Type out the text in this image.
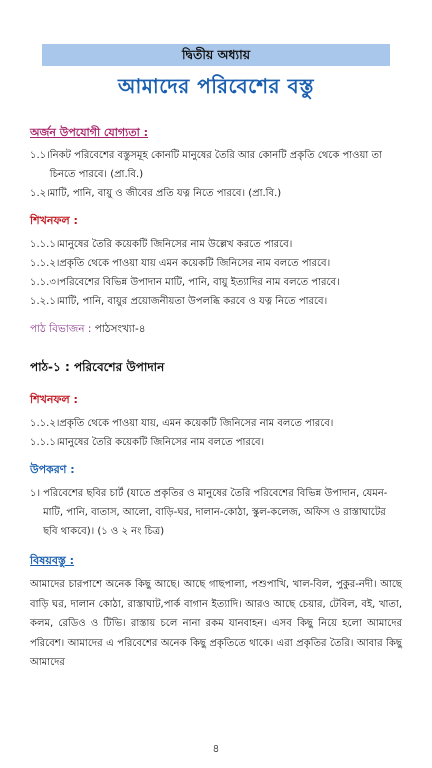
দ্বিতীয় অধ্যায়
আমাদের পরিবেশের বস্তু
অর্জন উপযোগী যোগ্যতা :
১.১। নিকট পরিবেশের বস্তুসমূহ কোনটি মানুষের তৈরি আর কোনটি প্রকৃতি থেকে পাওয়া তা চিনতে পারবে। (প্রা.বি.)
১.২। মাটি, পানি, বায়ু ও জীবের প্রতি যত্ন নিতে পারবে। (প্রা.বি.)
শিখনফল :
১.১.১। মানুষের তৈরি কয়েকটি জিনিসের নাম উল্লেখ করতে পারবে।
১.১.২। প্রকৃতি থেকে পাওয়া যায় এমন কয়েকটি জিনিসের নাম বলতে পারবে।
১.১.৩। পরিবেশের বিভিন্ন উপাদান মাটি, পানি, বায়ু ইত্যাদির নাম বলতে পারবে।
১.২.১। মাটি, পানি, বায়ুর প্রয়োজনীয়তা উপলব্ধি করবে ও যত্ন নিতে পারবে।
পাঠ বিভাজন : পাঠসংখ্যা-৪
পাঠ-১ : পরিবেশের উপাদান
শিখনফল :
১.১.২। প্রকৃতি থেকে পাওয়া যায়, এমন কয়েকটি জিনিসের নাম বলতে পারবে।
১.১.১। মানুষের তৈরি কয়েকটি জিনিসের নাম বলতে পারবে।
উপকরণ :
১। পরিবেশের ছবির চার্ট (যাতে প্রকৃতির ও মানুষের তৈরি পরিবেশের বিভিন্ন উপাদান, যেমন- মাটি, পানি, বাতাস, আলো, বাড়ি-ঘর, দালান-কোঠা, স্কুল-কলেজ, অফিস ও রাস্তাঘাটের ছবি থাকবে)। (১ ও ২ নং চিত্র)
বিষয়বস্তু :

আমাদের চারপাশে অনেক কিছু আছে। আছে গাছপালা, পশুপাখি, খাল-বিল, পুকুর-নদী। আছে বাড়ি ঘর, দালান কোঠা, রাস্তাঘাট,পার্ক বাগান ইত্যাদি। আরও আছে চেয়ার, টেবিল, বই, খাতা, কলম, রেডিও ও টিভি। রাস্তায় চলে নানা রকম যানবাহন। এসব কিছু নিয়ে হলো আমাদের পরিবেশ। আমাদের এ পরিবেশের অনেক কিছু প্রকৃতিতে থাকে। এরা প্রকৃতির তৈরি। আবার কিছু আমাদের

৪
